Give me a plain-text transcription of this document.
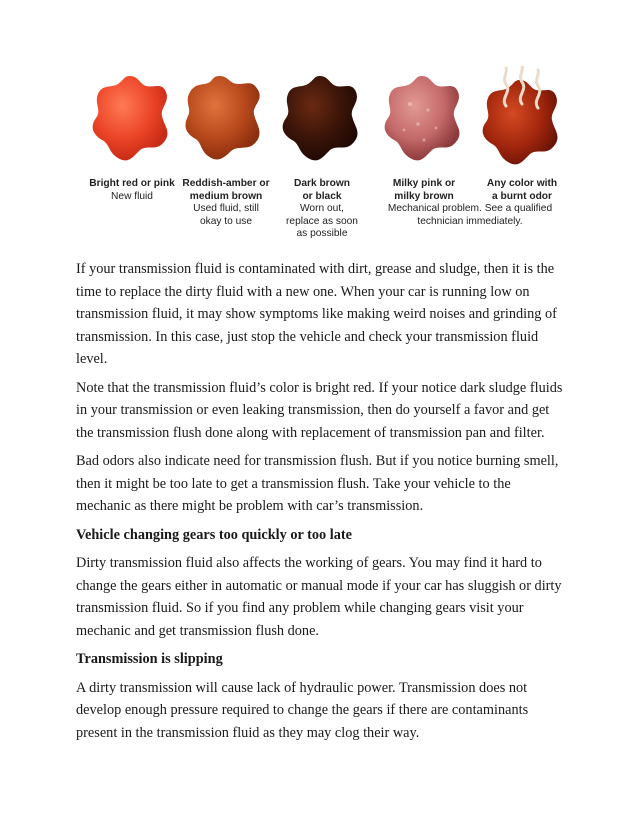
Bright red or pink
New fluid
Reddish-amber or
medium brown
Used fluid, still
okay to use
Dark brown
or black
Worn out,
replace as soon
as possible
Milky pink or
milky brown
Any color with
a burnt odor
Mechanical problem. See a qualified
technician immediately.

If your transmission fluid is contaminated with dirt, grease and sludge, then it is the time to replace the dirty fluid with a new one. When your car is running low on transmission fluid, it may show symptoms like making weird noises and grinding of transmission. In this case, just stop the vehicle and check your transmission fluid level.

Note that the transmission fluid’s color is bright red. If your notice dark sludge fluids in your transmission or even leaking transmission, then do yourself a favor and get the transmission flush done along with replacement of transmission pan and filter.

Bad odors also indicate need for transmission flush. But if you notice burning smell, then it might be too late to get a transmission flush. Take your vehicle to the mechanic as there might be problem with car’s transmission.

Vehicle changing gears too quickly or too late

Dirty transmission fluid also affects the working of gears. You may find it hard to change the gears either in automatic or manual mode if your car has sluggish or dirty transmission fluid. So if you find any problem while changing gears visit your mechanic and get transmission flush done.

Transmission is slipping

A dirty transmission will cause lack of hydraulic power. Transmission does not develop enough pressure required to change the gears if there are contaminants present in the transmission fluid as they may clog their way.
